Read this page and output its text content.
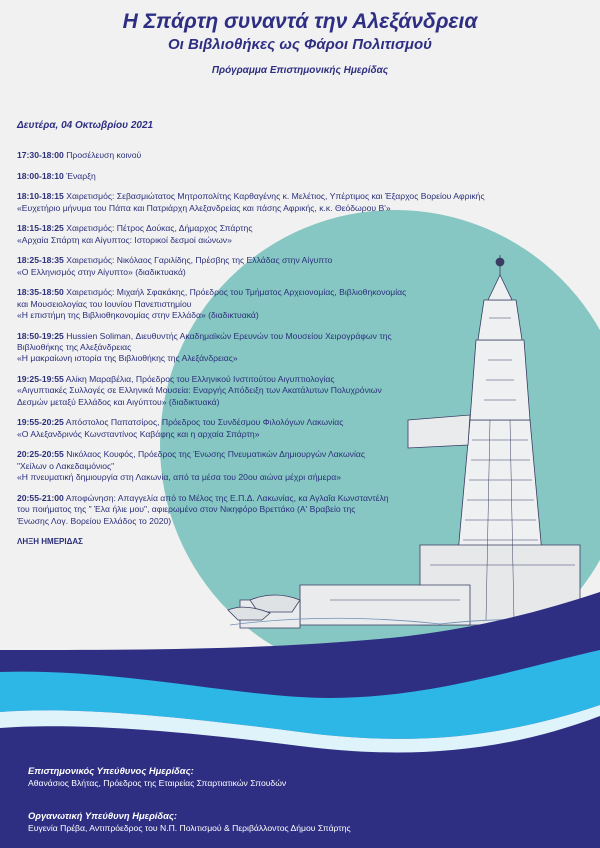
Η Σπάρτη συναντά την Αλεξάνδρεια
Οι Βιβλιοθήκες ως Φάροι Πολιτισμού
Πρόγραμμα Επιστημονικής Ημερίδας
Δευτέρα, 04 Οκτωβρίου 2021
17:30-18:00 Προσέλευση κοινού
18:00-18:10 Έναρξη
18:10-18:15 Χαιρετισμός: Σεβασμιώτατος Μητροπολίτης Καρθαγένης κ. Μελέτιος, Υπέρτιμος και Έξαρχος Βορείου Αφρικής
«Ευχετήριο μήνυμα του Πάπα και Πατριάρχη Αλεξανδρείας και πάσης Αφρικής, κ.κ. Θεόδωρου Β'»
18:15-18:25 Χαιρετισμός: Πέτρος Δούκας, Δήμαρχος Σπάρτης
«Αρχαία Σπάρτη και Αίγυπτος: Ιστορικοί δεσμοί αιώνων»
18:25-18:35 Χαιρετισμός: Νικόλαος Γαριλίδης, Πρέσβης της Ελλάδας στην Αίγυπτο
«Ο Ελληνισμός στην Αίγυπτο» (διαδικτυακά)
18:35-18:50 Χαιρετισμός: Μιχαήλ Σφακάκης, Πρόεδρος του Τμήματος Αρχειονομίας, Βιβλιοθηκονομίας
και Μουσειολογίας του Ιουνίου Πανεπιστημίου
«Η επιστήμη της Βιβλιοθηκονομίας στην Ελλάδα» (διαδικτυακά)
18:50-19:25 Hussien Soliman, Διευθυντής Ακαδημαϊκών Ερευνών του Μουσείου Χειρογράφων της
Βιβλιοθήκης της Αλεξάνδρειας
«Η μακραίωνη ιστορία της Βιβλιοθήκης της Αλεξάνδρειας»
19:25-19:55 Αλίκη Μαραβέλια, Πρόεδρος του Ελληνικού Ινστιτούτου Αιγυπτιολογίας
«Αιγυπτιακές Συλλογές σε Ελληνικά Μουσεία: Εναργής Απόδειξη των Ακατάλυτων Πολυχρόνιων
Δεσμών μεταξύ Ελλάδος και Αιγύπτου» (διαδικτυακά)
19:55-20:25 Απόστολος Παπατσίρος, Πρόεδρος του Συνδέσμου Φιλολόγων Λακωνίας
«Ο Αλεξανδρινός Κωνσταντίνος Καβάφης και η αρχαία Σπάρτη»
20:25-20:55 Νικόλαος Κουφός, Πρόεδρος της Ένωσης Πνευματικών Δημιουργών Λακωνίας
"Χείλων ο Λακεδαιμόνιος"
«Η πνευματική δημιουργία στη Λακωνία, από τα μέσα του 20ου αιώνα μέχρι σήμερα»
20:55-21:00 Αποφώνηση: Απαγγελία από το Μέλος της Ε.Π.Δ. Λακωνίας, κα Αγλαΐα Κωνσταντέλη
του ποιήματος της " Έλα ήλιε μου", αφιερωμένο στον Νικηφόρο Βρεττάκο (Α' Βραβείο της
Ένωσης Λογ. Βορείου Ελλάδος το 2020)
ΛΗΞΗ ΗΜΕΡΙΔΑΣ
Επιστημονικός Υπεύθυνος Ημερίδας:
Αθανάσιος Βλήτας, Πρόεδρος της Εταιρείας Σπαρτιατικών Σπουδών
Οργανωτική Υπεύθυνη Ημερίδας:
Ευγενία Πρέβα, Αντιπρόεδρος του Ν.Π. Πολιτισμού & Περιβάλλοντος Δήμου Σπάρτης
